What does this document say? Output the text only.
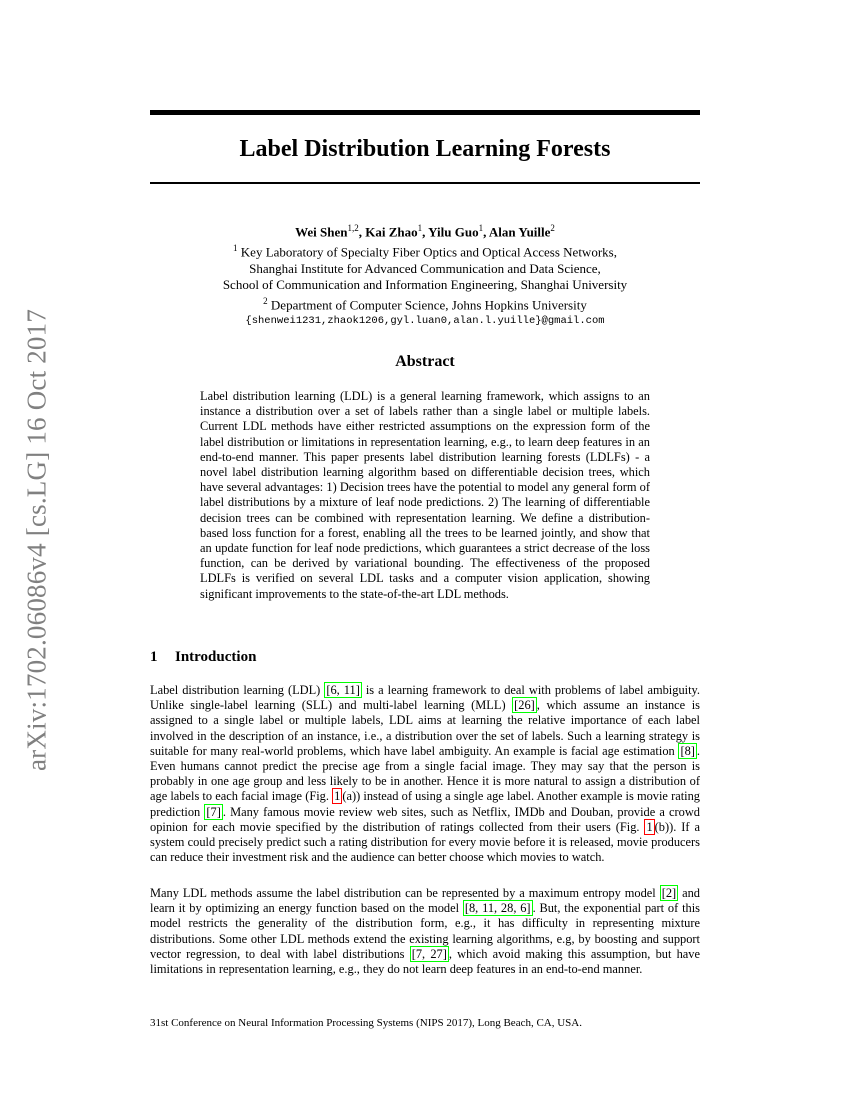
arXiv:1702.06086v4 [cs.LG] 16 Oct 2017
Label Distribution Learning Forests
Wei Shen$^{1,2}$, Kai Zhao$^1$, Yilu Guo$^1$, Alan Yuille$^2$
$^1$ Key Laboratory of Specialty Fiber Optics and Optical Access Networks,
Shanghai Institute for Advanced Communication and Data Science,
School of Communication and Information Engineering, Shanghai University
$^2$ Department of Computer Science, Johns Hopkins University
{shenwei1231,zhaok1206,gyl.luan0,alan.l.yuille}@gmail.com
Abstract
Label distribution learning (LDL) is a general learning framework, which assigns to an instance a distribution over a set of labels rather than a single label or multiple labels. Current LDL methods have either restricted assumptions on the expression form of the label distribution or limitations in representation learning, e.g., to learn deep features in an end-to-end manner. This paper presents label distribution learning forests (LDLFs) - a novel label distribution learning algorithm based on differentiable decision trees, which have several advantages: 1) Decision trees have the potential to model any general form of label distributions by a mixture of leaf node predictions. 2) The learning of differentiable decision trees can be combined with representation learning. We define a distribution-based loss function for a forest, enabling all the trees to be learned jointly, and show that an update function for leaf node predictions, which guarantees a strict decrease of the loss function, can be derived by variational bounding. The effectiveness of the proposed LDLFs is verified on several LDL tasks and a computer vision application, showing significant improvements to the state-of-the-art LDL methods.
1 Introduction
Label distribution learning (LDL) [6, 11] is a learning framework to deal with problems of label ambiguity. Unlike single-label learning (SLL) and multi-label learning (MLL) [26] , which assume an instance is assigned to a single label or multiple labels, LDL aims at learning the relative importance of each label involved in the description of an instance, i.e., a distribution over the set of labels. Such a learning strategy is suitable for many real-world problems, which have label ambiguity. An example is facial age estimation [8] . Even humans cannot predict the precise age from a single facial image. They may say that the person is probably in one age group and less likely to be in another. Hence it is more natural to assign a distribution of age labels to each facial image (Fig. 1 (a)) instead of using a single age label. Another example is movie rating prediction [7] . Many famous movie review web sites, such as Netflix, IMDb and Douban, provide a crowd opinion for each movie specified by the distribution of ratings collected from their users (Fig. 1 (b)). If a system could precisely predict such a rating distribution for every movie before it is released, movie producers can reduce their investment risk and the audience can better choose which movies to watch.
Many LDL methods assume the label distribution can be represented by a maximum entropy model [2] and learn it by optimizing an energy function based on the model [8, 11, 28, 6] . But, the exponential part of this model restricts the generality of the distribution form, e.g., it has difficulty in representing mixture distributions. Some other LDL methods extend the existing learning algorithms, e.g, by boosting and support vector regression, to deal with label distributions [7, 27] , which avoid making this assumption, but have limitations in representation learning, e.g., they do not learn deep features in an end-to-end manner.
31st Conference on Neural Information Processing Systems (NIPS 2017), Long Beach, CA, USA.
